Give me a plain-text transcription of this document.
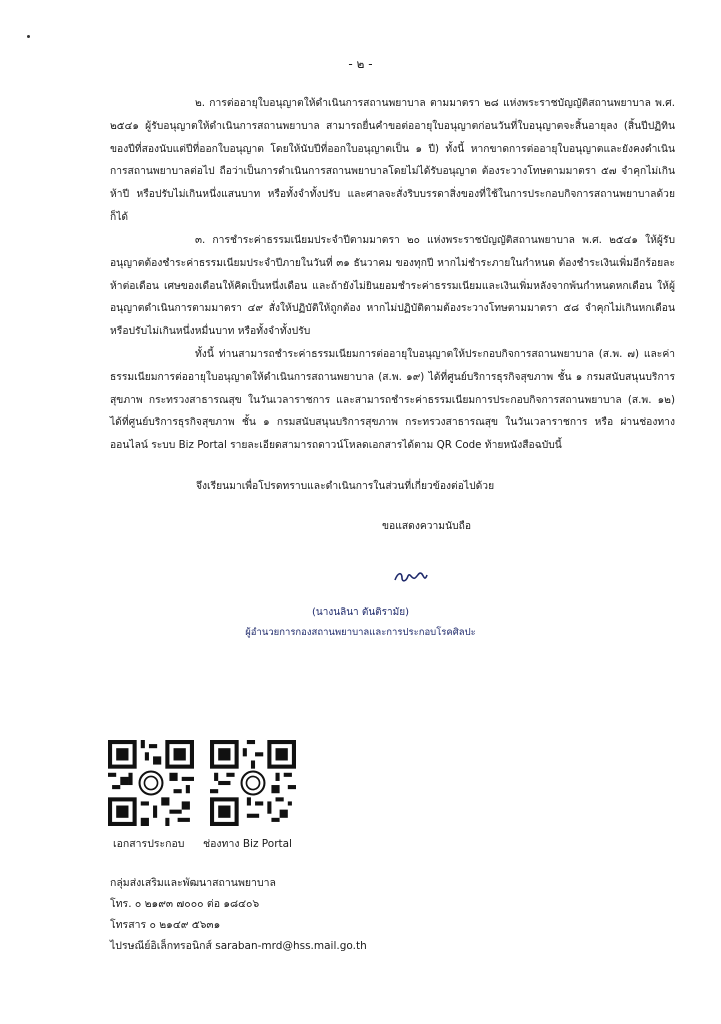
- ๒ -

๒. การต่ออายุใบอนุญาตให้ดำเนินการสถานพยาบาล ตามมาตรา ๒๘ แห่งพระราชบัญญัติสถานพยาบาล พ.ศ. ๒๕๔๑ ผู้รับอนุญาตให้ดำเนินการสถานพยาบาล สามารถยื่นคำขอต่ออายุใบอนุญาตก่อนวันที่ใบอนุญาตจะสิ้นอายุลง (สิ้นปีปฏิทินของปีที่สองนับแต่ปีที่ออกใบอนุญาต โดยให้นับปีที่ออกใบอนุญาตเป็น ๑ ปี) ทั้งนี้ หากขาดการต่ออายุใบอนุญาตและยังคงดำเนินการสถานพยาบาลต่อไป ถือว่าเป็นการดำเนินการสถานพยาบาลโดยไม่ได้รับอนุญาต ต้องระวางโทษตามมาตรา ๕๗ จำคุกไม่เกินห้าปี หรือปรับไม่เกินหนึ่งแสนบาท หรือทั้งจำทั้งปรับ และศาลจะสั่งริบบรรดาสิ่งของที่ใช้ในการประกอบกิจการสถานพยาบาลด้วยก็ได้

๓. การชำระค่าธรรมเนียมประจำปีตามมาตรา ๒๐ แห่งพระราชบัญญัติสถานพยาบาล พ.ศ. ๒๕๔๑ ให้ผู้รับอนุญาตต้องชำระค่าธรรมเนียมประจำปีภายในวันที่ ๓๑ ธันวาคม ของทุกปี หากไม่ชำระภายในกำหนด ต้องชำระเงินเพิ่มอีกร้อยละห้าต่อเดือน เศษของเดือนให้คิดเป็นหนึ่งเดือน และถ้ายังไม่ยินยอมชำระค่าธรรมเนียมและเงินเพิ่มหลังจากพ้นกำหนดหกเดือน ให้ผู้อนุญาตดำเนินการตามมาตรา ๔๙ สั่งให้ปฏิบัติให้ถูกต้อง หากไม่ปฏิบัติตามต้องระวางโทษตามมาตรา ๕๘ จำคุกไม่เกินหกเดือน หรือปรับไม่เกินหนึ่งหมื่นบาท หรือทั้งจำทั้งปรับ

ทั้งนี้ ท่านสามารถชำระค่าธรรมเนียมการต่ออายุใบอนุญาตให้ประกอบกิจการสถานพยาบาล (ส.พ. ๗) และค่าธรรมเนียมการต่ออายุใบอนุญาตให้ดำเนินการสถานพยาบาล (ส.พ. ๑๙) ได้ที่ศูนย์บริการธุรกิจสุขภาพ ชั้น ๑ กรมสนับสนุนบริการสุขภาพ กระทรวงสาธารณสุข ในวันเวลาราชการ และสามารถชำระค่าธรรมเนียมการประกอบกิจการสถานพยาบาล (ส.พ. ๑๒) ได้ที่ศูนย์บริการธุรกิจสุขภาพ ชั้น ๑ กรมสนับสนุนบริการสุขภาพ กระทรวงสาธารณสุข ในวันเวลาราชการ หรือ ผ่านช่องทางออนไลน์ ระบบ Biz Portal รายละเอียดสามารถดาวน์โหลดเอกสารได้ตาม QR Code ท้ายหนังสือฉบับนี้

จึงเรียนมาเพื่อโปรดทราบและดำเนินการในส่วนที่เกี่ยวข้องต่อไปด้วย
ขอแสดงความนับถือ
(นางนลินา ตันติรามัย)
ผู้อำนวยการกองสถานพยาบาลและการประกอบโรคศิลปะ
เอกสารประกอบ ช่องทาง Biz Portal
กลุ่มส่งเสริมและพัฒนาสถานพยาบาล
โทร. ๐ ๒๑๙๓ ๗๐๐๐ ต่อ ๑๘๔๐๖
โทรสาร ๐ ๒๑๔๙ ๕๖๓๑
ไปรษณีย์อิเล็กทรอนิกส์ saraban-mrd@hss.mail.go.th
